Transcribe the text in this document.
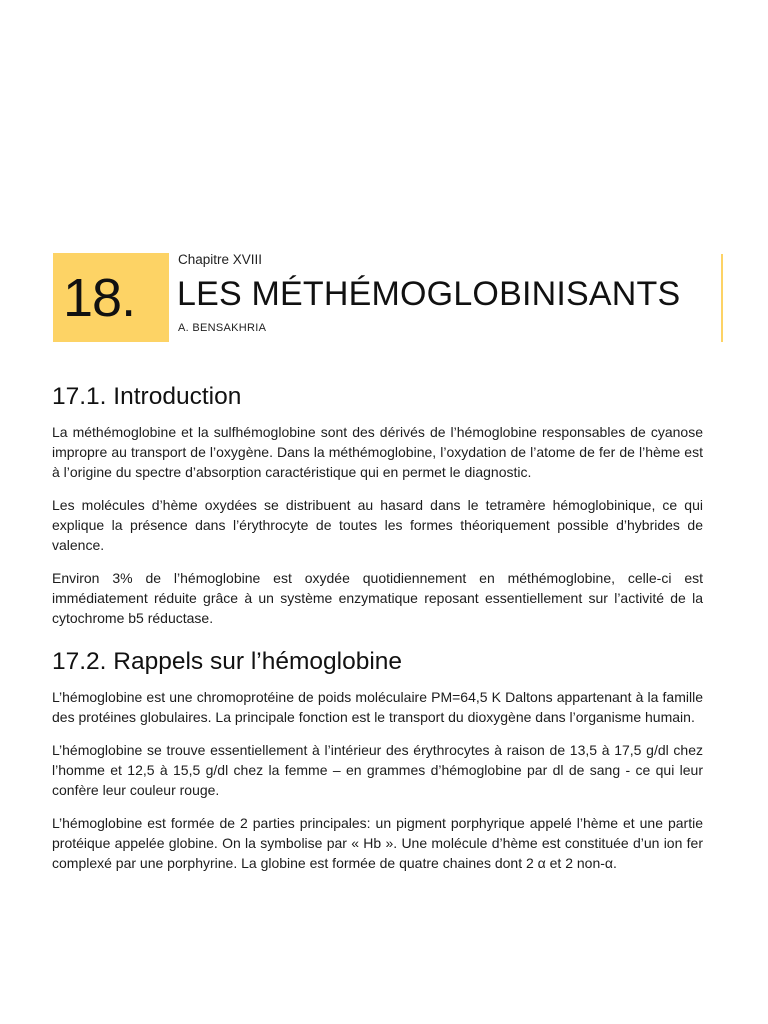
18.
Chapitre XVIII
LES MÉTHÉMOGLOBINISANTS
A. BENSAKHRIA
17.1. Introduction

La méthémoglobine et la sulfhémoglobine sont des dérivés de l’hémoglobine responsables de cyanose impropre au transport de l’oxygène. Dans la méthémoglobine, l’oxydation de l’atome de fer de l’hème est à l’origine du spectre d’absorption caractéristique qui en permet le diagnostic.

Les molécules d’hème oxydées se distribuent au hasard dans le tetramère hémoglobinique, ce qui explique la présence dans l’érythrocyte de toutes les formes théoriquement possible d’hybrides de valence.

Environ 3% de l’hémoglobine est oxydée quotidiennement en méthémoglobine, celle-ci est immédiatement réduite grâce à un système enzymatique reposant essentiellement sur l’activité de la cytochrome b5 réductase.

17.2. Rappels sur l’hémoglobine

L’hémoglobine est une chromoprotéine de poids moléculaire PM=64,5 K Daltons appartenant à la famille des protéines globulaires. La principale fonction est le transport du dioxygène dans l’organisme humain.

L’hémoglobine se trouve essentiellement à l’intérieur des érythrocytes à raison de 13,5 à 17,5 g/dl chez l’homme et 12,5 à 15,5 g/dl chez la femme – en grammes d’hémoglobine par dl de sang - ce qui leur confère leur couleur rouge.

L’hémoglobine est formée de 2 parties principales: un pigment porphyrique appelé l’hème et une partie protéique appelée globine. On la symbolise par « Hb ». Une molécule d’hème est constituée d’un ion fer complexé par une porphyrine. La globine est formée de quatre chaines dont 2 α et 2 non-α.
